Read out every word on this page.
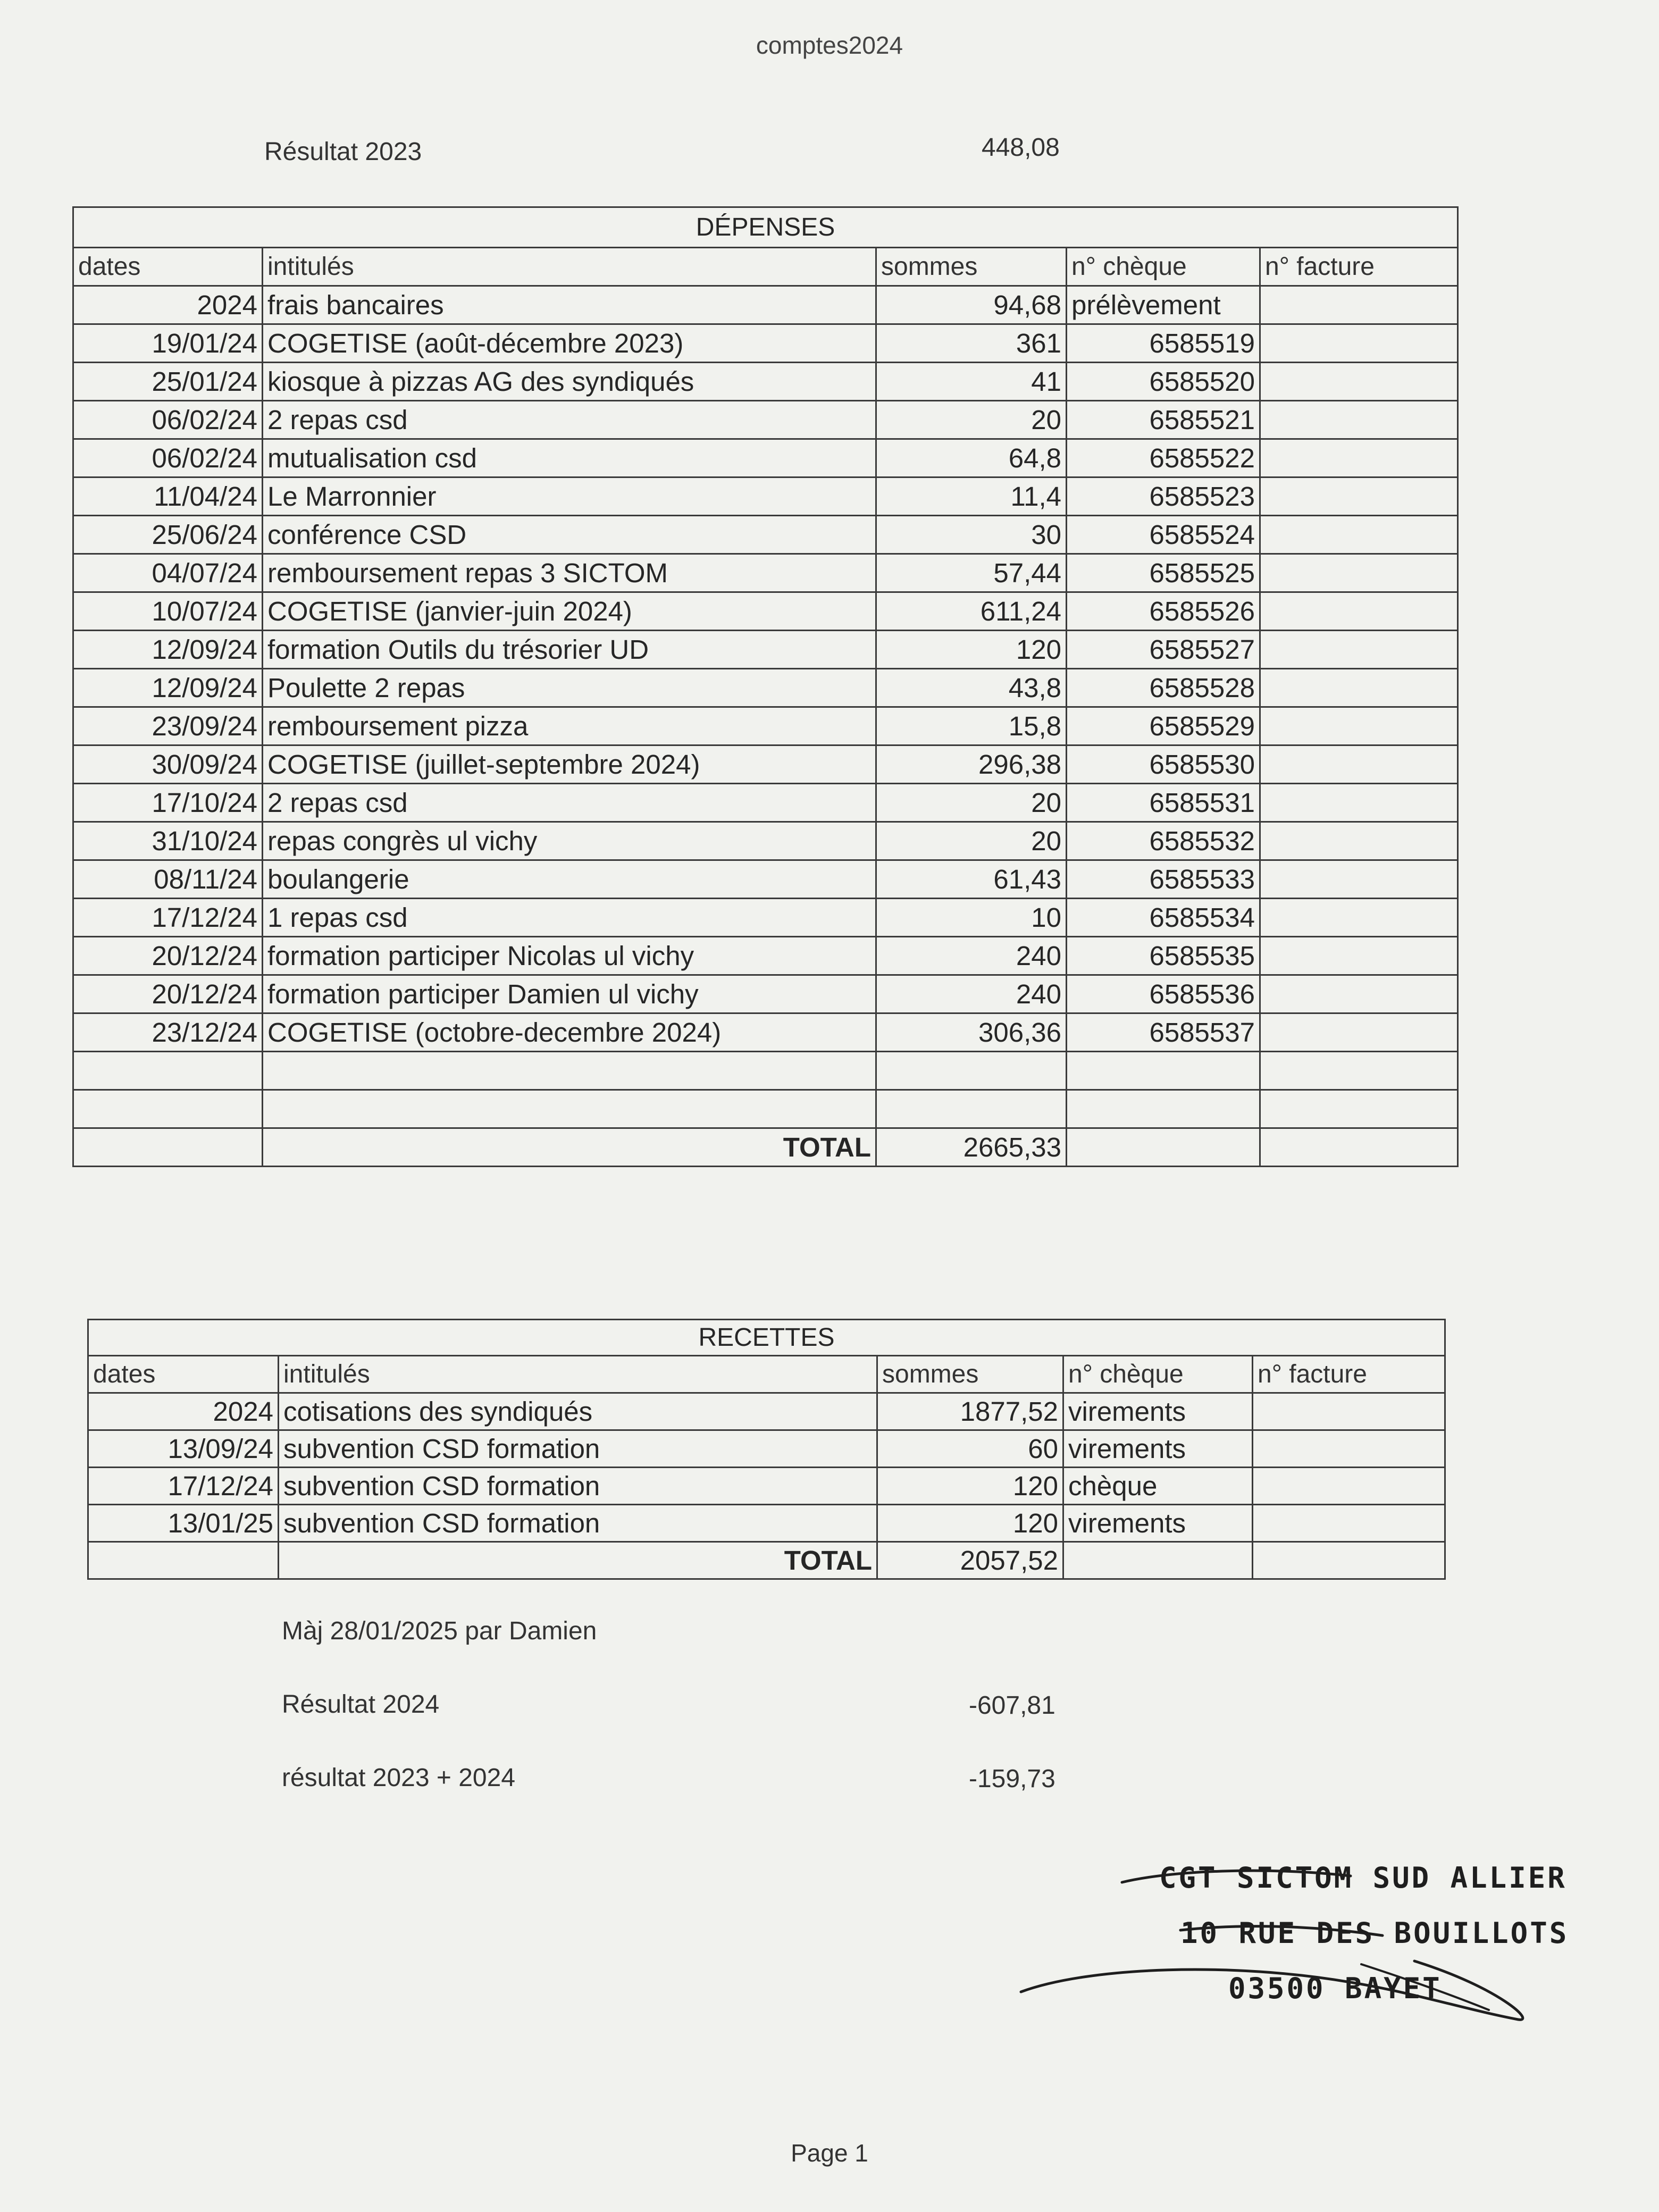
comptes2024
Résultat 2023	448,08
DÉPENSES				
dates	intitulés	sommes	n° chèque	n° facture
2024	frais bancaires	94,68	prélèvement	
19/01/24	COGETISE (août-décembre 2023)	361	6585519	
25/01/24	kiosque à pizzas AG des syndiqués	41	6585520	
06/02/24	2 repas csd	20	6585521	
06/02/24	mutualisation csd	64,8	6585522	
11/04/24	Le Marronnier	11,4	6585523	
25/06/24	conférence CSD	30	6585524	
04/07/24	remboursement repas 3 SICTOM	57,44	6585525	
10/07/24	COGETISE (janvier-juin 2024)	611,24	6585526	
12/09/24	formation Outils du trésorier UD	120	6585527	
12/09/24	Poulette 2 repas	43,8	6585528	
23/09/24	remboursement pizza	15,8	6585529	
30/09/24	COGETISE (juillet-septembre 2024)	296,38	6585530	
17/10/24	2 repas csd	20	6585531	
31/10/24	repas congrès ul vichy	20	6585532	
08/11/24	boulangerie	61,43	6585533	
17/12/24	1 repas csd	10	6585534	
20/12/24	formation participer Nicolas ul vichy	240	6585535	
20/12/24	formation participer Damien ul vichy	240	6585536	
23/12/24	COGETISE (octobre-decembre 2024)	306,36	6585537	

	TOTAL	2665,33		
RECETTES				
dates	intitulés	sommes	n° chèque	n° facture
2024	cotisations des syndiqués	1877,52	virements	
13/09/24	subvention CSD formation	60	virements	
17/12/24	subvention CSD formation	120	chèque	
13/01/25	subvention CSD formation	120	virements	
	TOTAL	2057,52		
Màj 28/01/2025 par Damien
Résultat 2024	-607,81
résultat 2023 + 2024	-159,73
CGT SICTOM SUD ALLIER
10 RUE DES BOUILLOTS
03500 BAYET
Page 1
